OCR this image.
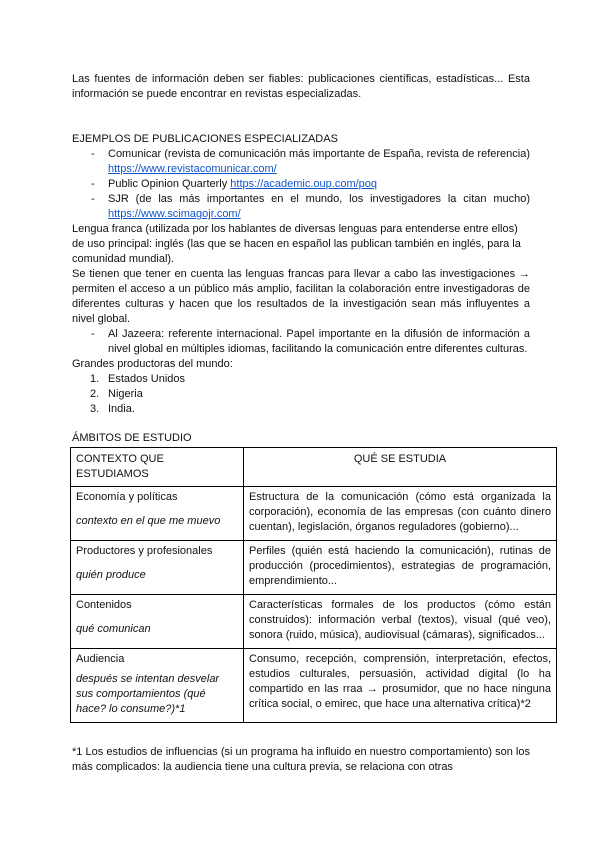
Las fuentes de información deben ser fiables: publicaciones científicas, estadísticas... Esta información se puede encontrar en revistas especializadas.

EJEMPLOS DE PUBLICACIONES ESPECIALIZADAS

- Comunicar (revista de comunicación más importante de España, revista de referencia) https://www.revistacomunicar.com/
- Public Opinion Quarterly https://academic.oup.com/poq
- SJR (de las más importantes en el mundo, los investigadores la citan mucho) https://www.scimagojr.com/

Lengua franca (utilizada por los hablantes de diversas lenguas para entenderse entre ellos) de uso principal: inglés (las que se hacen en español las publican también en inglés, para la comunidad mundial).

Se tienen que tener en cuenta las lenguas francas para llevar a cabo las investigaciones → permiten el acceso a un público más amplio, facilitan la colaboración entre investigadoras de diferentes culturas y hacen que los resultados de la investigación sean más influyentes a nivel global.

- Al Jazeera: referente internacional. Papel importante en la difusión de información a nivel global en múltiples idiomas, facilitando la comunicación entre diferentes culturas.

Grandes productoras del mundo:

1. Estados Unidos
2. Nigeria
3. India.

ÁMBITOS DE ESTUDIO

CONTEXTO QUE ESTUDIAMOS	QUÉ SE ESTUDIA

Economía y políticas

contexto en el que me muevo	Estructura de la comunicación (cómo está organizada la corporación), economía de las empresas (con cuánto dinero cuentan), legislación, órganos reguladores (gobierno)...

Productores y profesionales

quién produce	Perfiles (quién está haciendo la comunicación), rutinas de producción (procedimientos), estrategias de programación, emprendimiento...

Contenidos

qué comunican	Características formales de los productos (cómo están construidos): información verbal (textos), visual (qué veo), sonora (ruido, música), audiovisual (cámaras), significados...

Audiencia

después se intentan desvelar sus comportamientos (qué hace? lo consume?)*1	Consumo, recepción, comprensión, interpretación, efectos, estudios culturales, persuasión, actividad digital (lo ha compartido en las rraa → prosumidor, que no hace ninguna crítica social, o emirec, que hace una alternativa crítica)*2

*1 Los estudios de influencias (si un programa ha influido en nuestro comportamiento) son los más complicados: la audiencia tiene una cultura previa, se relaciona con otras
